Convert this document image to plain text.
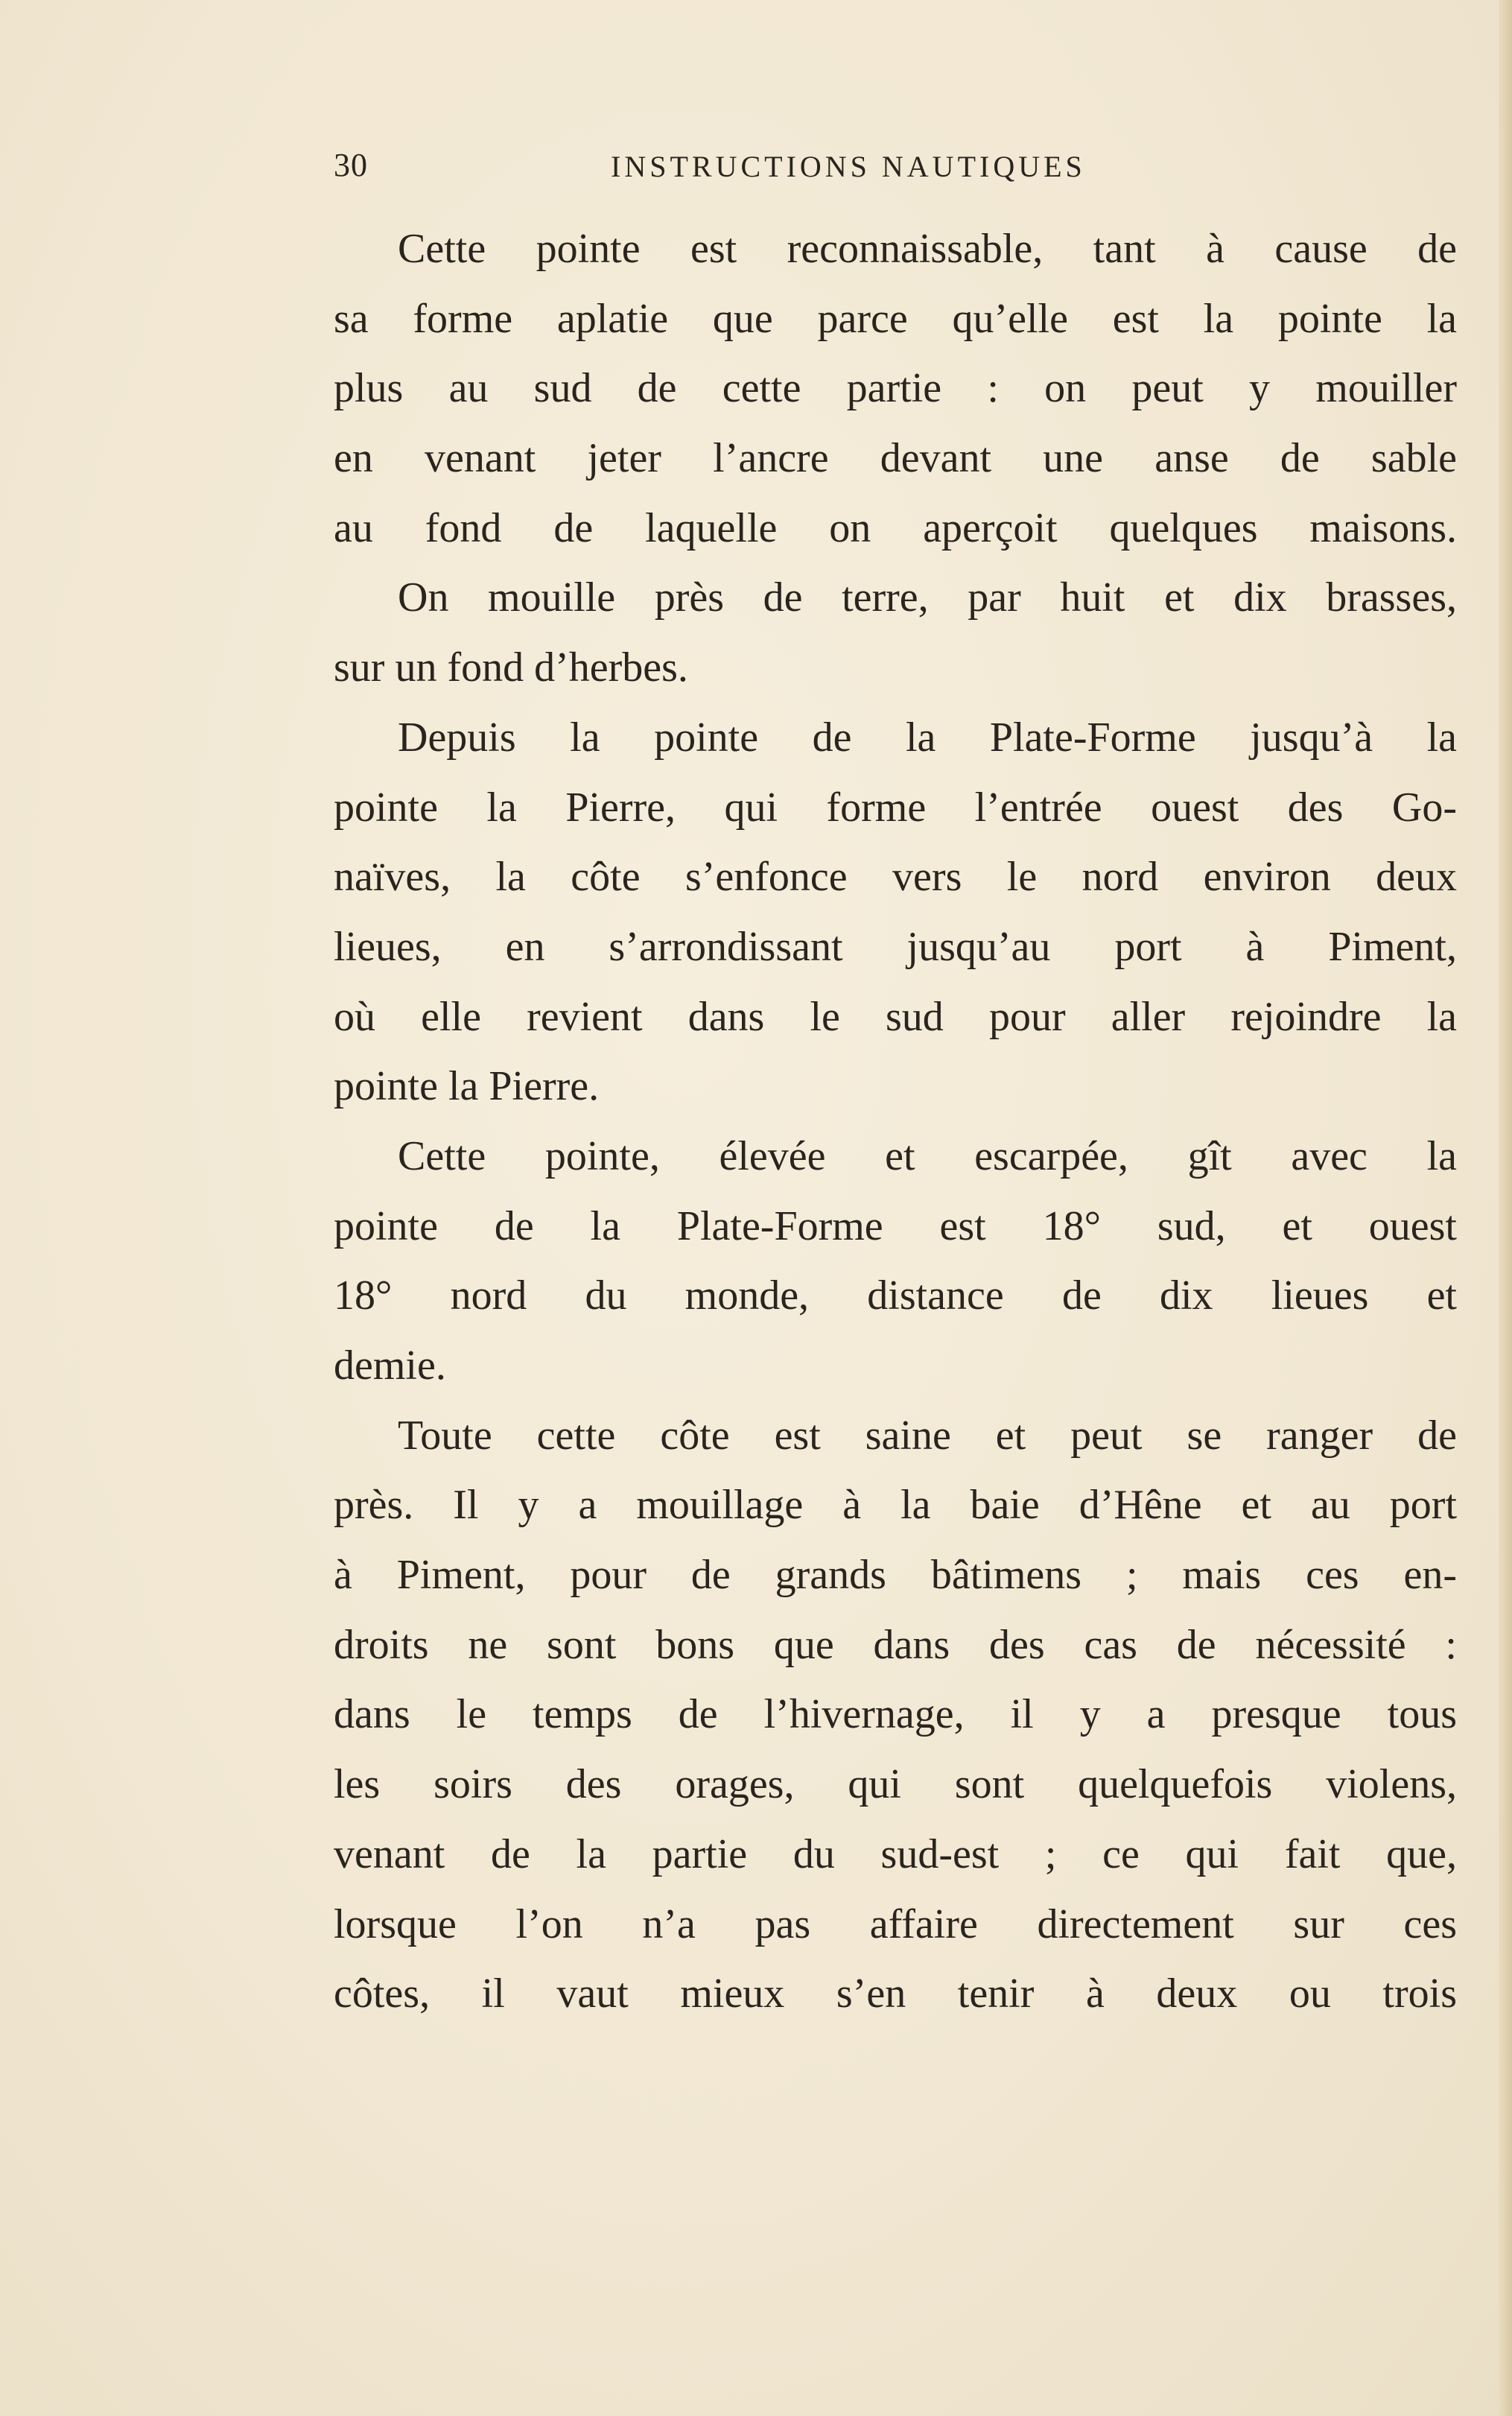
30	INSTRUCTIONS NAUTIQUES
Cette pointe est reconnaissable, tant à cause de
sa forme aplatie que parce qu’elle est la pointe la
plus au sud de cette partie : on peut y mouiller
en venant jeter l’ancre devant une anse de sable
au fond de laquelle on aperçoit quelques maisons.
On mouille près de terre, par huit et dix brasses,
sur un fond d’herbes.
Depuis la pointe de la Plate-Forme jusqu’à la
pointe la Pierre, qui forme l’entrée ouest des Go-
naïves, la côte s’enfonce vers le nord environ deux
lieues, en s’arrondissant jusqu’au port à Piment,
où elle revient dans le sud pour aller rejoindre la
pointe la Pierre.
Cette pointe, élevée et escarpée, gît avec la
pointe de la Plate-Forme est 18° sud, et ouest
18° nord du monde, distance de dix lieues et
demie.
Toute cette côte est saine et peut se ranger de
près. Il y a mouillage à la baie d’Hêne et au port
à Piment, pour de grands bâtimens ; mais ces en-
droits ne sont bons que dans des cas de nécessité :
dans le temps de l’hivernage, il y a presque tous
les soirs des orages, qui sont quelquefois violens,
venant de la partie du sud-est ; ce qui fait que,
lorsque l’on n’a pas affaire directement sur ces
côtes, il vaut mieux s’en tenir à deux ou trois
